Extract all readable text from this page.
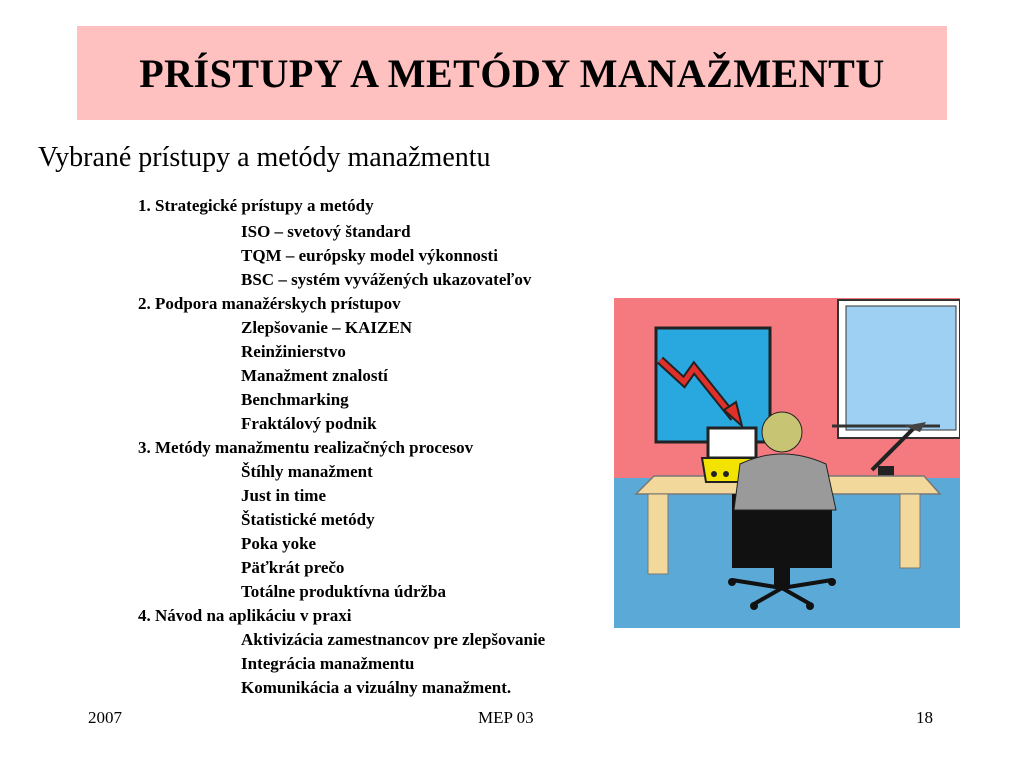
PRÍSTUPY A METÓDY MANAŽMENTU
Vybrané prístupy a metódy manažmentu
1. Strategické prístupy a metódy
ISO – svetový štandard
TQM – európsky model výkonnosti
BSC – systém vyvážených ukazovateľov
2. Podpora manažérskych prístupov
Zlepšovanie – KAIZEN
Reinžinierstvo
Manažment znalostí
Benchmarking
Fraktálový podnik
3. Metódy manažmentu realizačných procesov
Štíhly manažment
Just in time
Štatistické metódy
Poka yoke
Päťkrát prečo
Totálne produktívna údržba
4. Návod na aplikáciu v praxi
Aktivizácia zamestnancov pre zlepšovanie
Integrácia manažmentu
Komunikácia a vizuálny manažment.
2007	MEP 03	18
